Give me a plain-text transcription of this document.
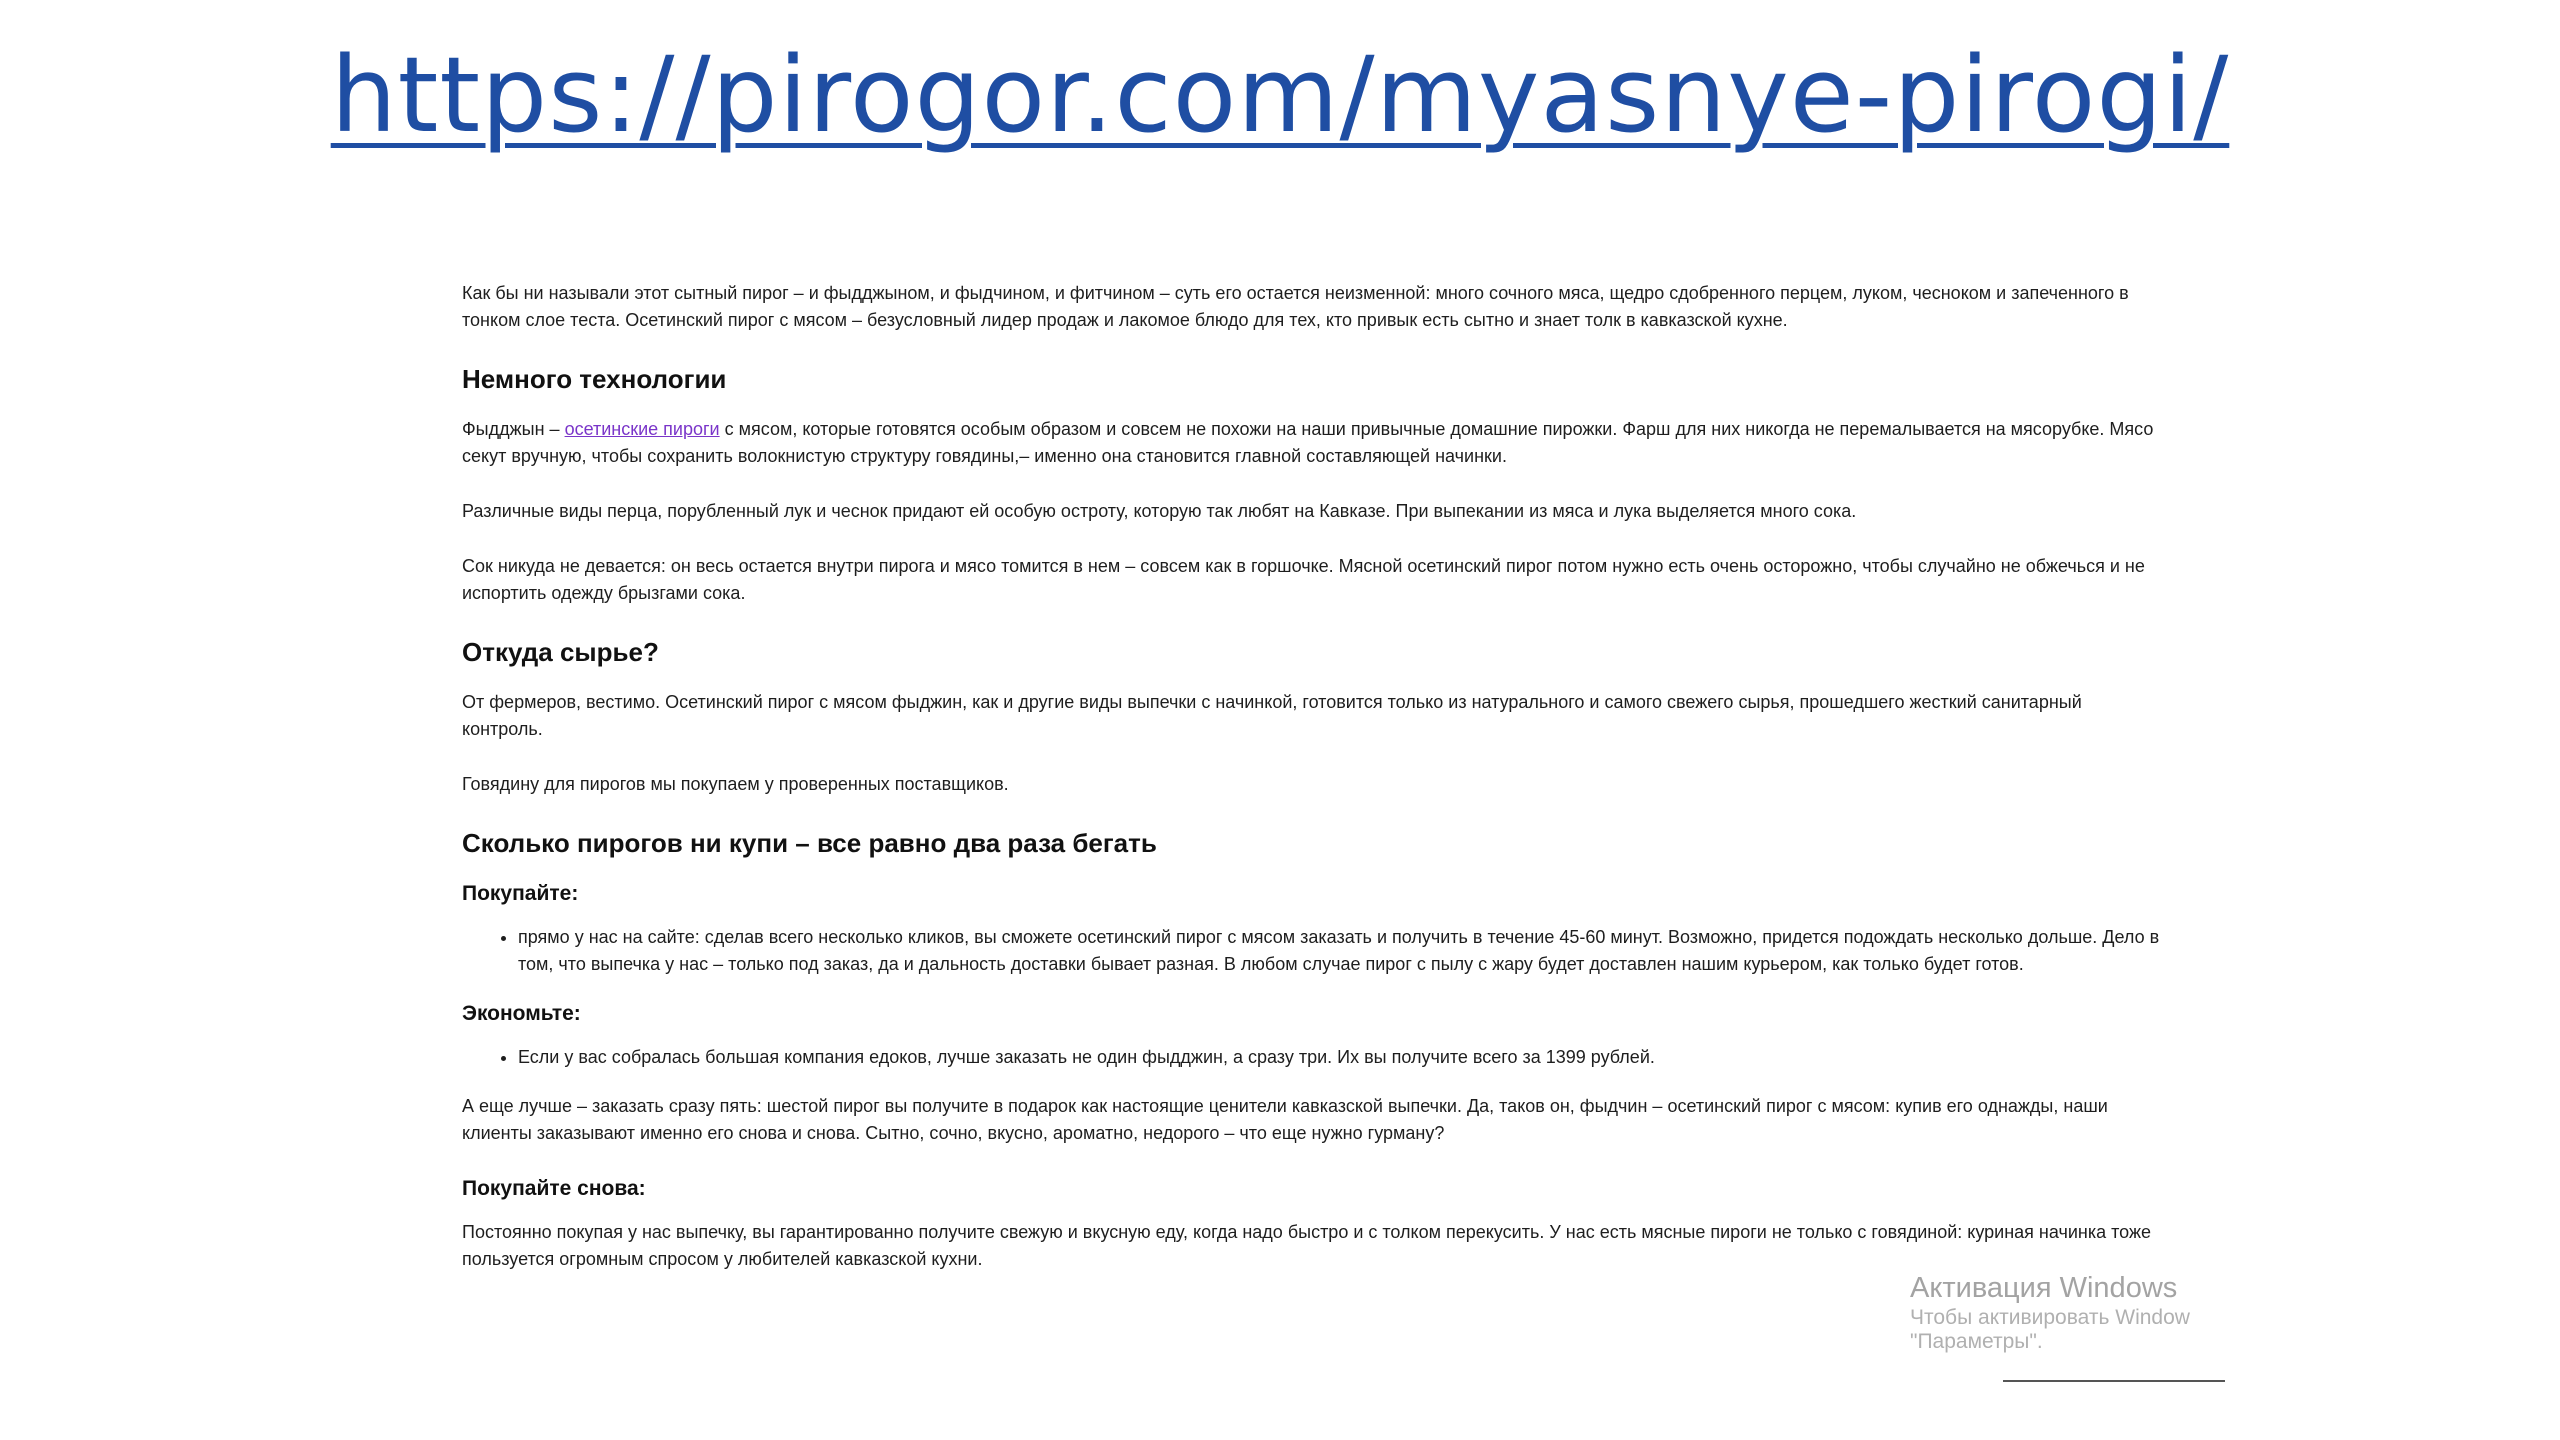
https://pirogor.com/myasnye-pirogi/

Как бы ни называли этот сытный пирог – и фыдджыном, и фыдчином, и фитчином – суть его остается неизменной: много сочного мяса, щедро сдобренного перцем, луком, чесноком и запеченного в тонком слое теста. Осетинский пирог с мясом – безусловный лидер продаж и лакомое блюдо для тех, кто привык есть сытно и знает толк в кавказской кухне.

Немного технологии

Фыдджын – осетинские пироги с мясом, которые готовятся особым образом и совсем не похожи на наши привычные домашние пирожки. Фарш для них никогда не перемалывается на мясорубке. Мясо секут вручную, чтобы сохранить волокнистую структуру говядины,– именно она становится главной составляющей начинки.

Различные виды перца, порубленный лук и чеснок придают ей особую остроту, которую так любят на Кавказе. При выпекании из мяса и лука выделяется много сока.

Сок никуда не девается: он весь остается внутри пирога и мясо томится в нем – совсем как в горшочке. Мясной осетинский пирог потом нужно есть очень осторожно, чтобы случайно не обжечься и не испортить одежду брызгами сока.

Откуда сырье?

От фермеров, вестимо. Осетинский пирог с мясом фыджин, как и другие виды выпечки с начинкой, готовится только из натурального и самого свежего сырья, прошедшего жесткий санитарный контроль.

Говядину для пирогов мы покупаем у проверенных поставщиков.

Сколько пирогов ни купи – все равно два раза бегать
Покупайте:
• прямо у нас на сайте: сделав всего несколько кликов, вы сможете осетинский пирог с мясом заказать и получить в течение 45-60 минут. Возможно, придется подождать несколько дольше. Дело в том, что выпечка у нас – только под заказ, да и дальность доставки бывает разная. В любом случае пирог с пылу с жару будет доставлен нашим курьером, как только будет готов.
Экономьте:
• Если у вас собралась большая компания едоков, лучше заказать не один фыдджин, а сразу три. Их вы получите всего за 1399 рублей.

А еще лучше – заказать сразу пять: шестой пирог вы получите в подарок как настоящие ценители кавказской выпечки. Да, таков он, фыдчин – осетинский пирог с мясом: купив его однажды, наши клиенты заказывают именно его снова и снова. Сытно, сочно, вкусно, ароматно, недорого – что еще нужно гурману?

Покупайте снова:

Постоянно покупая у нас выпечку, вы гарантированно получите свежую и вкусную еду, когда надо быстро и с толком перекусить. У нас есть мясные пироги не только с говядиной: куриная начинка тоже пользуется огромным спросом у любителей кавказской кухни.

Активация Windows
Чтобы активировать Window
"Параметры".
